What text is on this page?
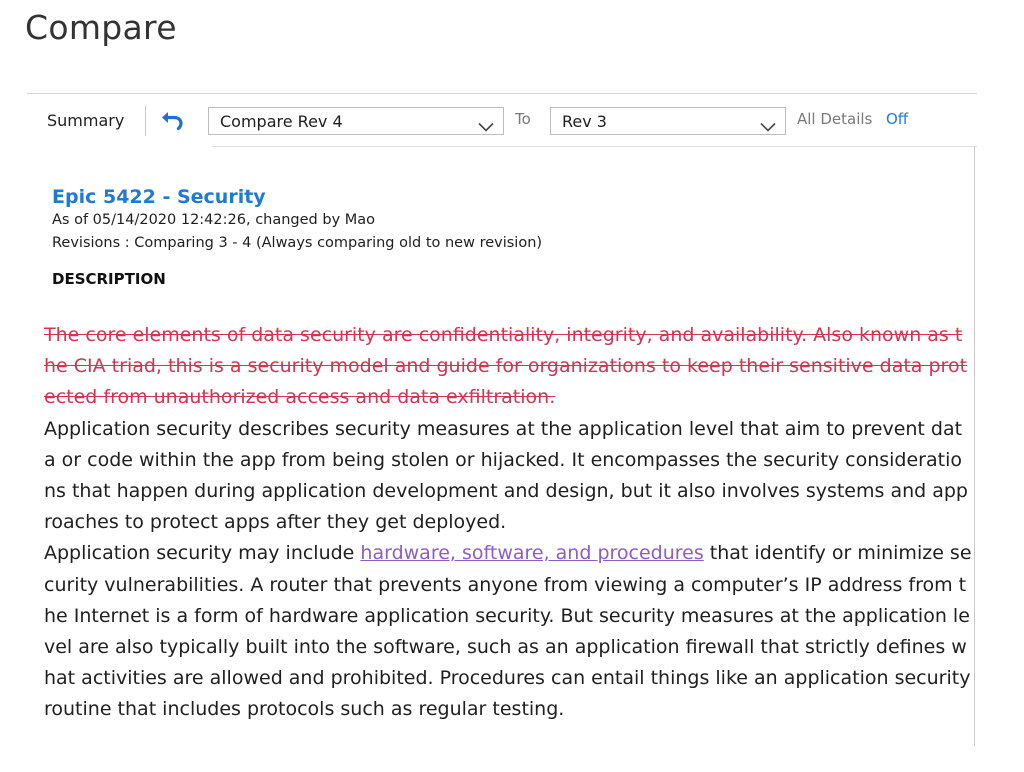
Compare
Summary	Compare Rev 4	To Rev 3	All Details Off
Epic 5422 - Security
As of 05/14/2020 12:42:26, changed by Mao
Revisions : Comparing 3 - 4 (Always comparing old to new revision)
DESCRIPTION

The core elements of data security are confidentiality, integrity, and availability. Also known as the CIA triad, this is a security model and guide for organizations to keep their sensitive data protected from unauthorized access and data exfiltration.

Application security describes security measures at the application level that aim to prevent data or code within the app from being stolen or hijacked. It encompasses the security considerations that happen during application development and design, but it also involves systems and approaches to protect apps after they get deployed.

Application security may include hardware, software, and procedures that identify or minimize security vulnerabilities. A router that prevents anyone from viewing a computer’s IP address from the Internet is a form of hardware application security. But security measures at the application level are also typically built into the software, such as an application firewall that strictly defines what activities are allowed and prohibited. Procedures can entail things like an application security routine that includes protocols such as regular testing.
